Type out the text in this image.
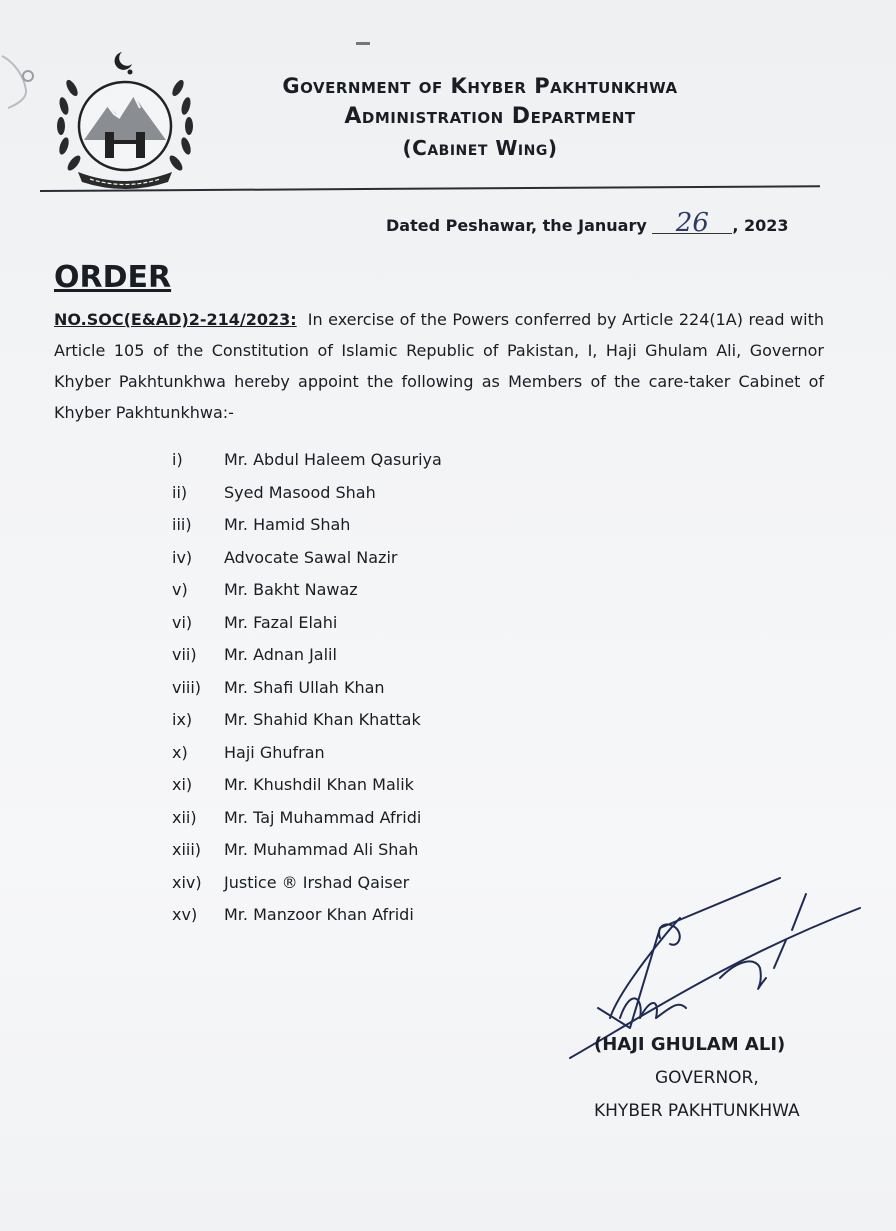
Government of Khyber Pakhtunkhwa
Administration Department
(Cabinet Wing)
Dated Peshawar, the January 26 , 2023
ORDER
NO.SOC(E&AD)2-214/2023: In exercise of the Powers conferred by Article 224(1A) read with Article 105 of the Constitution of Islamic Republic of Pakistan, I, Haji Ghulam Ali, Governor Khyber Pakhtunkhwa hereby appoint the following as Members of the care-taker Cabinet of Khyber Pakhtunkhwa:-
i)	Mr. Abdul Haleem Qasuriya
ii) Syed Masood Shah
iii) Mr. Hamid Shah
iv) Advocate Sawal Nazir
v) Mr. Bakht Nawaz
vi) Mr. Fazal Elahi
vii) Mr. Adnan Jalil
viii) Mr. Shafi Ullah Khan
ix) Mr. Shahid Khan Khattak
x) Haji Ghufran
xi) Mr. Khushdil Khan Malik
xii) Mr. Taj Muhammad Afridi
xiii) Mr. Muhammad Ali Shah
xiv) Justice ® Irshad Qaiser
xv) Mr. Manzoor Khan Afridi
(HAJI GHULAM ALI)
GOVERNOR,
KHYBER PAKHTUNKHWA
